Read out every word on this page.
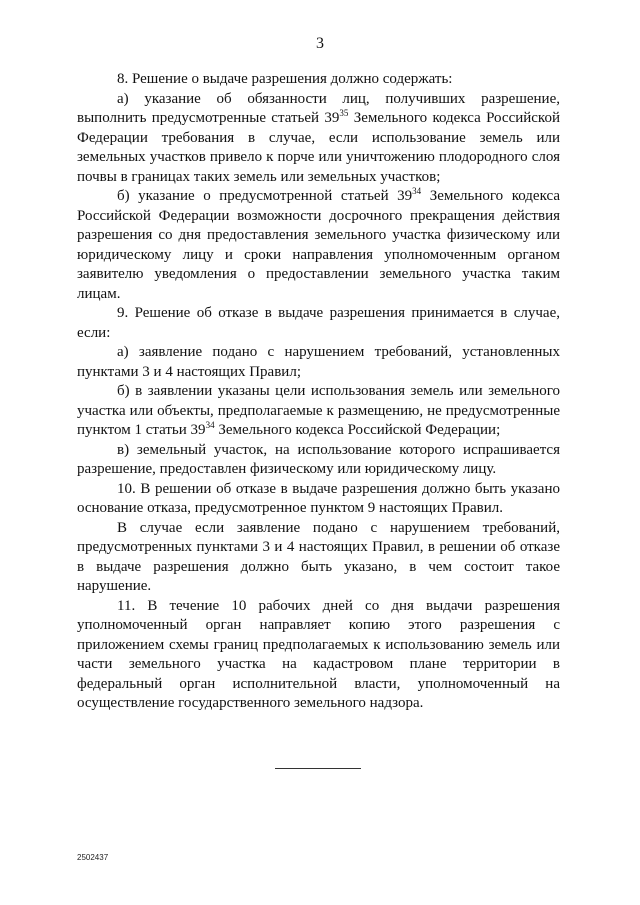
3

8. Решение о выдаче разрешения должно содержать:

а) указание об обязанности лиц, получивших разрешение, выполнить предусмотренные статьей $39^{35}$ Земельного кодекса Российской Федерации требования в случае, если использование земель или земельных участков привело к порче или уничтожению плодородного слоя почвы в границах таких земель или земельных участков;

б) указание о предусмотренной статьей $39^{34}$ Земельного кодекса Российской Федерации возможности досрочного прекращения действия разрешения со дня предоставления земельного участка физическому или юридическому лицу и сроки направления уполномоченным органом заявителю уведомления о предоставлении земельного участка таким лицам.

9. Решение об отказе в выдаче разрешения принимается в случае, если:

а) заявление подано с нарушением требований, установленных пунктами 3 и 4 настоящих Правил;

б) в заявлении указаны цели использования земель или земельного участка или объекты, предполагаемые к размещению, не предусмотренные пунктом 1 статьи $39^{34}$ Земельного кодекса Российской Федерации;

в) земельный участок, на использование которого испрашивается разрешение, предоставлен физическому или юридическому лицу.

10. В решении об отказе в выдаче разрешения должно быть указано основание отказа, предусмотренное пунктом 9 настоящих Правил.

В случае если заявление подано с нарушением требований, предусмотренных пунктами 3 и 4 настоящих Правил, в решении об отказе в выдаче разрешения должно быть указано, в чем состоит такое нарушение.

11. В течение 10 рабочих дней со дня выдачи разрешения уполномоченный орган направляет копию этого разрешения с приложением схемы границ предполагаемых к использованию земель или части земельного участка на кадастровом плане территории в федеральный орган исполнительной власти, уполномоченный на осуществление государственного земельного надзора.

2502437
